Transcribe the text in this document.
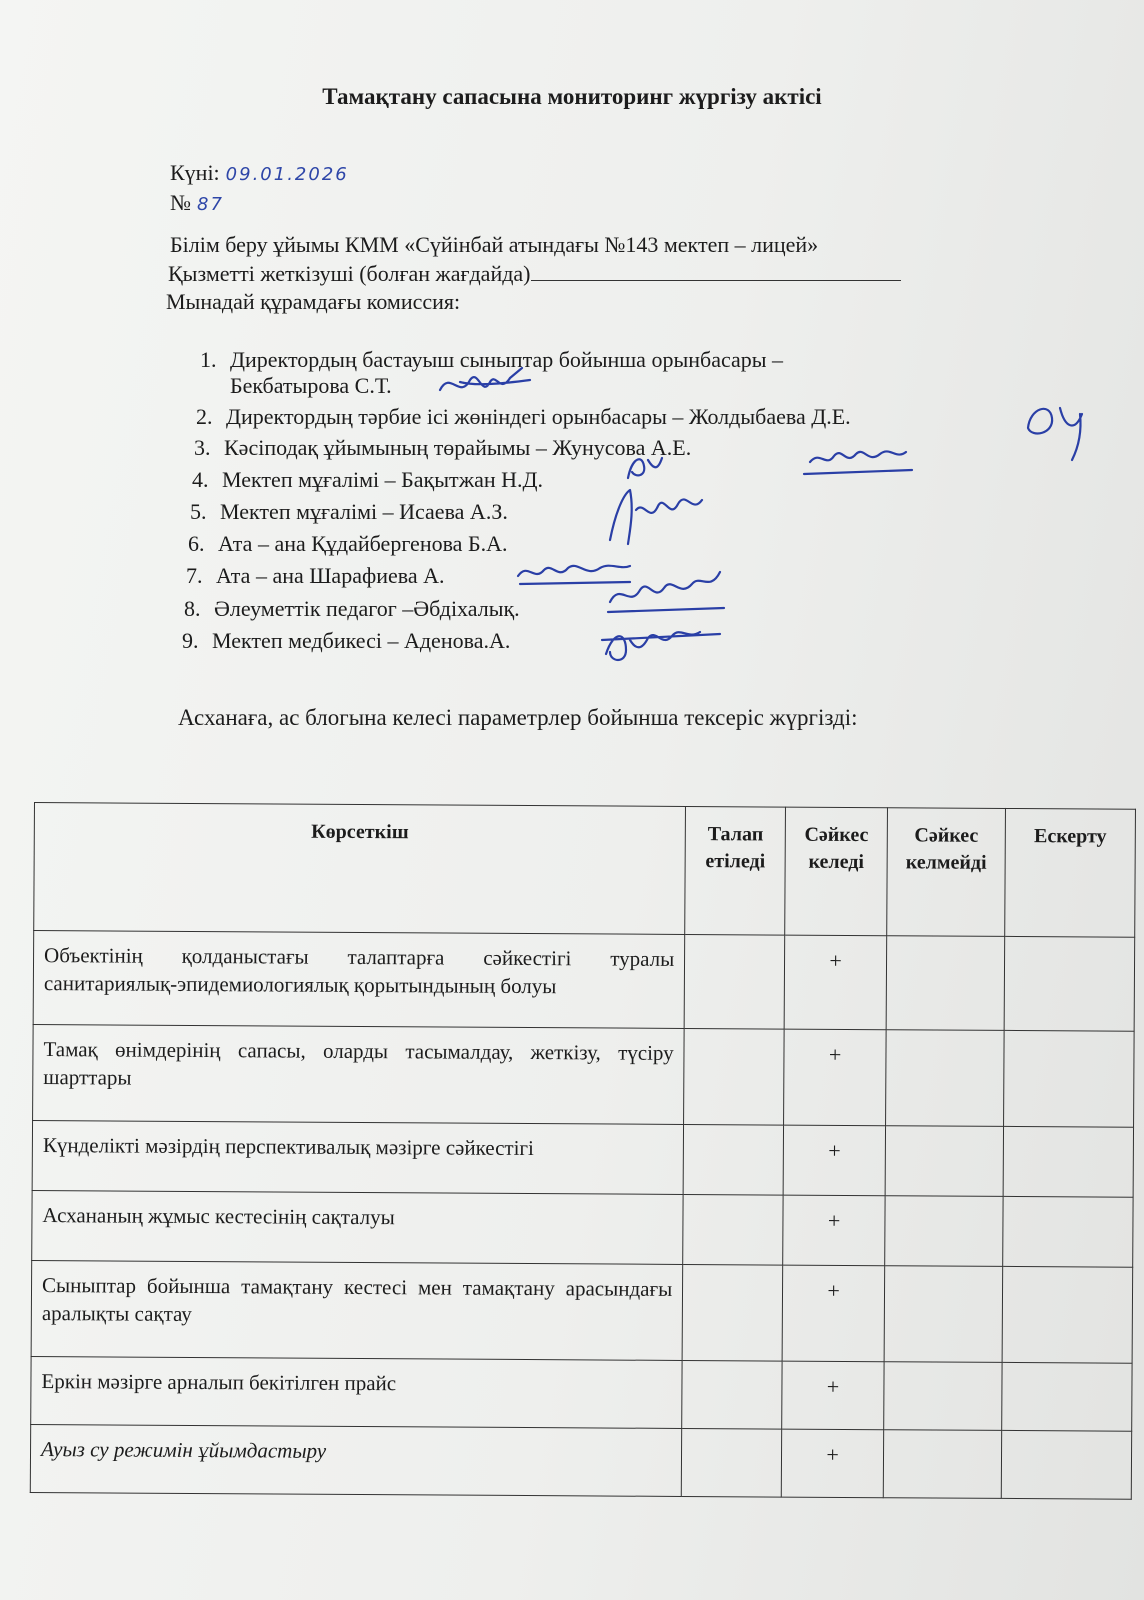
Тамақтану сапасына мониторинг жүргізу актісі
Күні: 09.01.2026
№ 87
Білім беру ұйымы КММ «Сүйінбай атындағы №143 мектеп – лицей»
Қызметті жеткізуші (болған жағдайда)
Мынадай құрамдағы комиссия:
1. Директордың бастауыш сыныптар бойынша орынбасары –
Бекбатырова С.Т.
2. Директордың тәрбие ісі жөніндегі орынбасары – Жолдыбаева Д.Е.
3. Кәсіподақ ұйымының төрайымы – Жунусова А.Е.
4. Мектеп мұғалімі – Бақытжан Н.Д.
5. Мектеп мұғалімі – Исаева А.З.
6. Ата – ана Құдайбергенова Б.А.
7. Ата – ана Шарафиева А.
8. Әлеуметтік педагог –Әбдіхалық.
9. Мектеп медбикесі – Аденова.А.
Асханаға, ас блогына келесі параметрлер бойынша тексеріс жүргізді:
Көрсеткіш	Талап етіледі	Сәйкес келеді	Сәйкес келмейді	Ескерту
Объектінің қолданыстағы талаптарға сәйкестігі туралы санитариялық-эпидемиологиялық қорытындының болуы		+		
Тамақ өнімдерінің сапасы, оларды тасымалдау, жеткізу, түсіру шарттары		+		
Күнделікті мәзірдің перспективалық мәзірге сәйкестігі		+		
Асхананың жұмыс кестесінің сақталуы		+		
Сыныптар бойынша тамақтану кестесі мен тамақтану арасындағы аралықты сақтау		+		
Еркін мәзірге арналып бекітілген прайс		+		
Ауыз су режимін ұйымдастыру		+		
